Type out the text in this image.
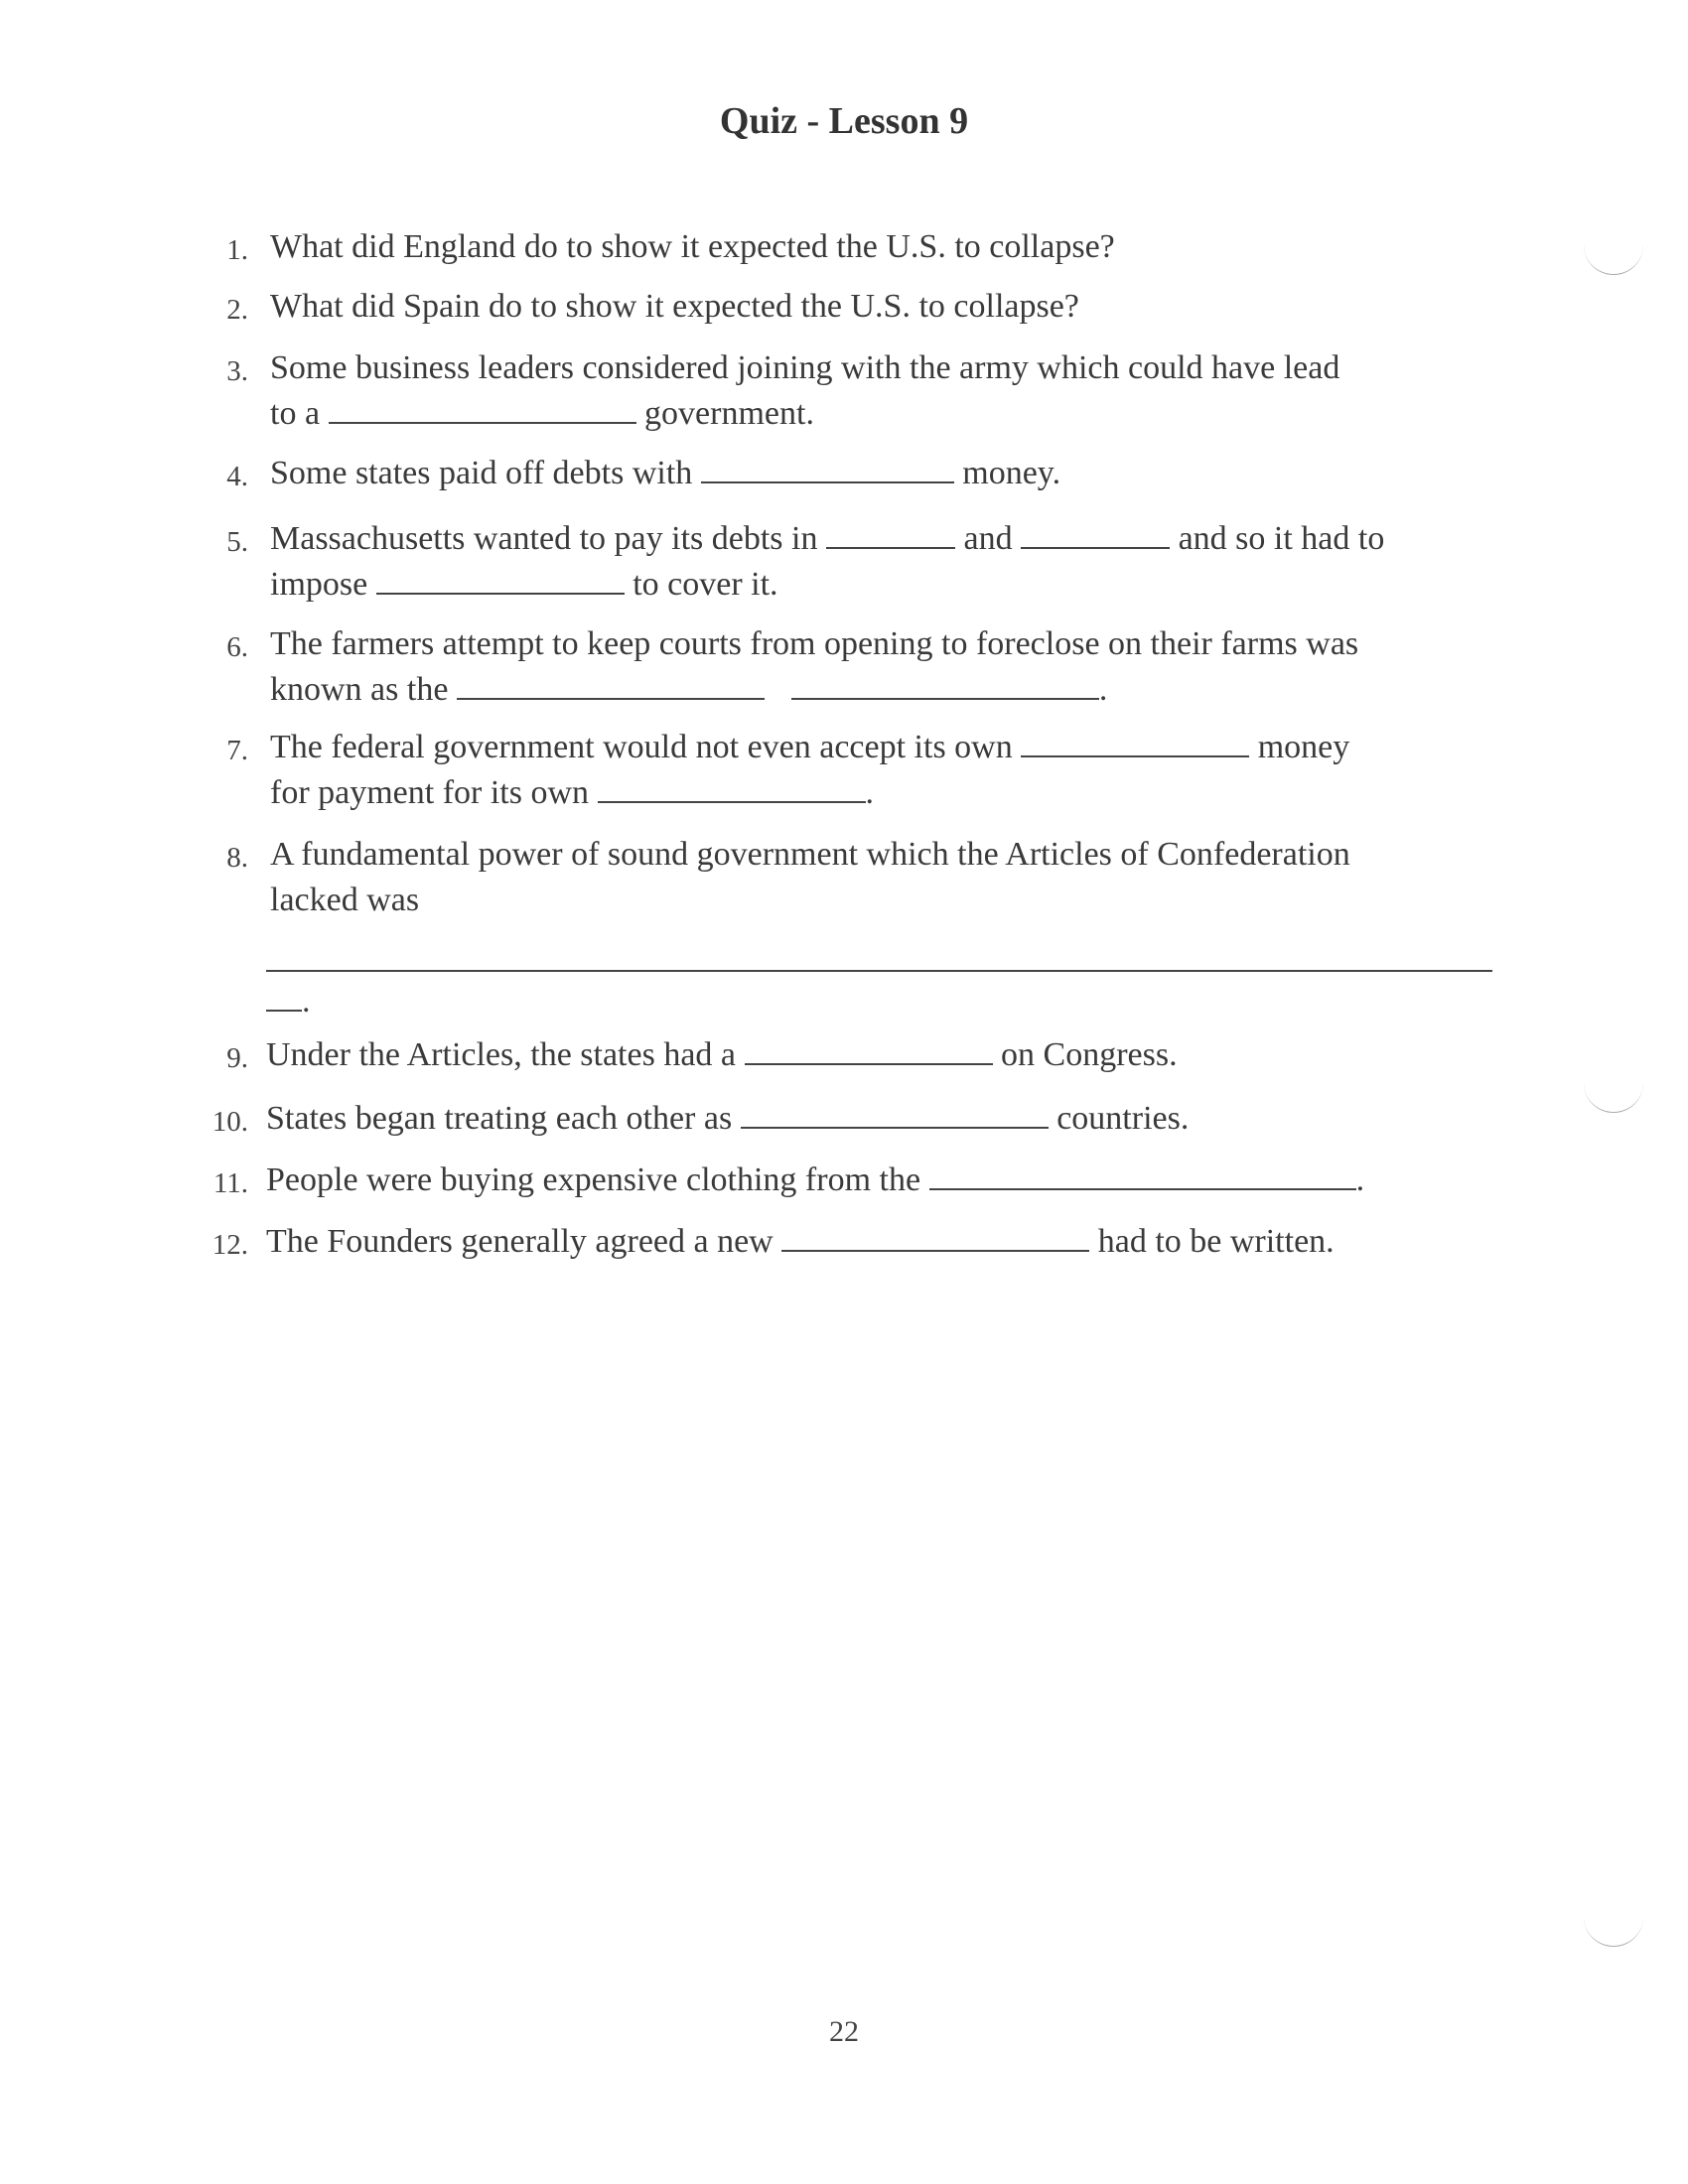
Quiz - Lesson 9
1. What did England do to show it expected the U.S. to collapse?
2. What did Spain do to show it expected the U.S. to collapse?
3. Some business leaders considered joining with the army which could have lead
to a	government.
4. Some states paid off debts with	money.
5. Massachusetts wanted to pay its debts in	and	and so it had to
impose	to cover it.
6. The farmers attempt to keep courts from opening to foreclose on their farms was
known as the	.
7. The federal government would not even accept its own	money
for payment for its own	.
8. A fundamental power of sound government which the Articles of Confederation
lacked was
.
9. Under the Articles, the states had a	on Congress.
10. States began treating each other as	countries.
11. People were buying expensive clothing from the	.
12. The Founders generally agreed a new	had to be written.
22
